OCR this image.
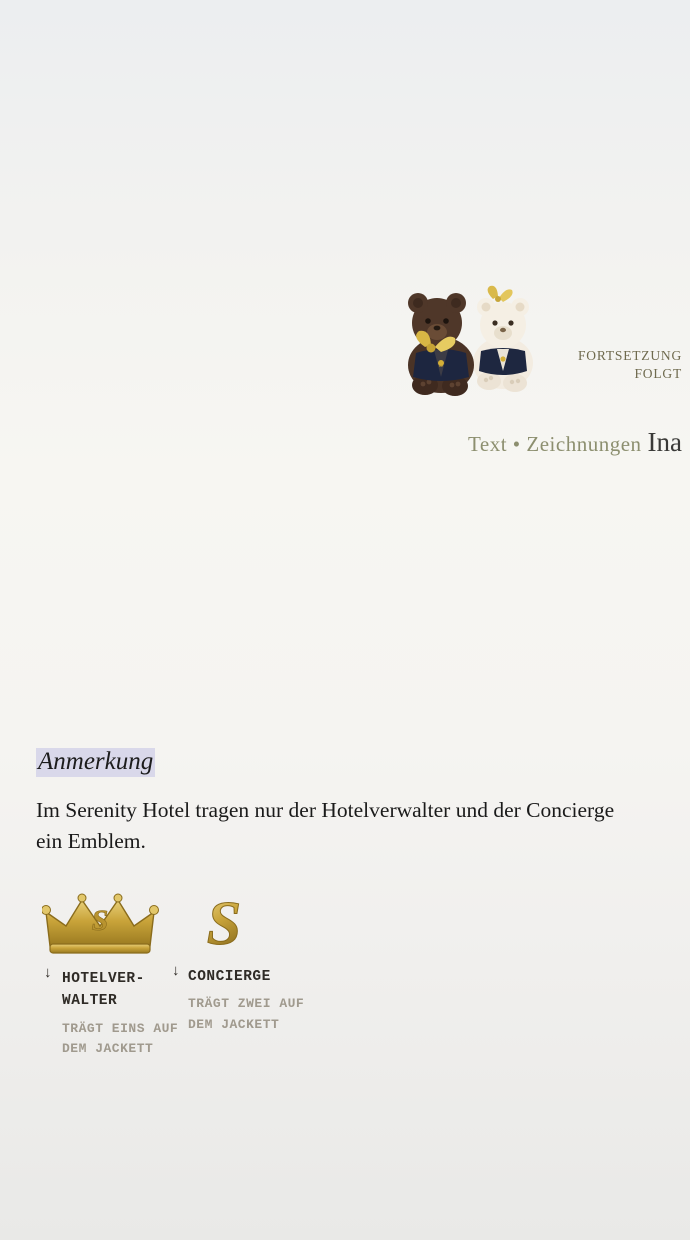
S
FORTSETZUNG
FOLGT
Text • Zeichnungen Ina
Anmerkung
Im Serenity Hotel tragen nur der Hotelverwalter und der Concierge ein Emblem.
S S
↓	↓
HOTELVER-
WALTER
TRÄGT EINS AUF
DEM JACKETT
CONCIERGE
TRÄGT ZWEI AUF
DEM JACKETT
